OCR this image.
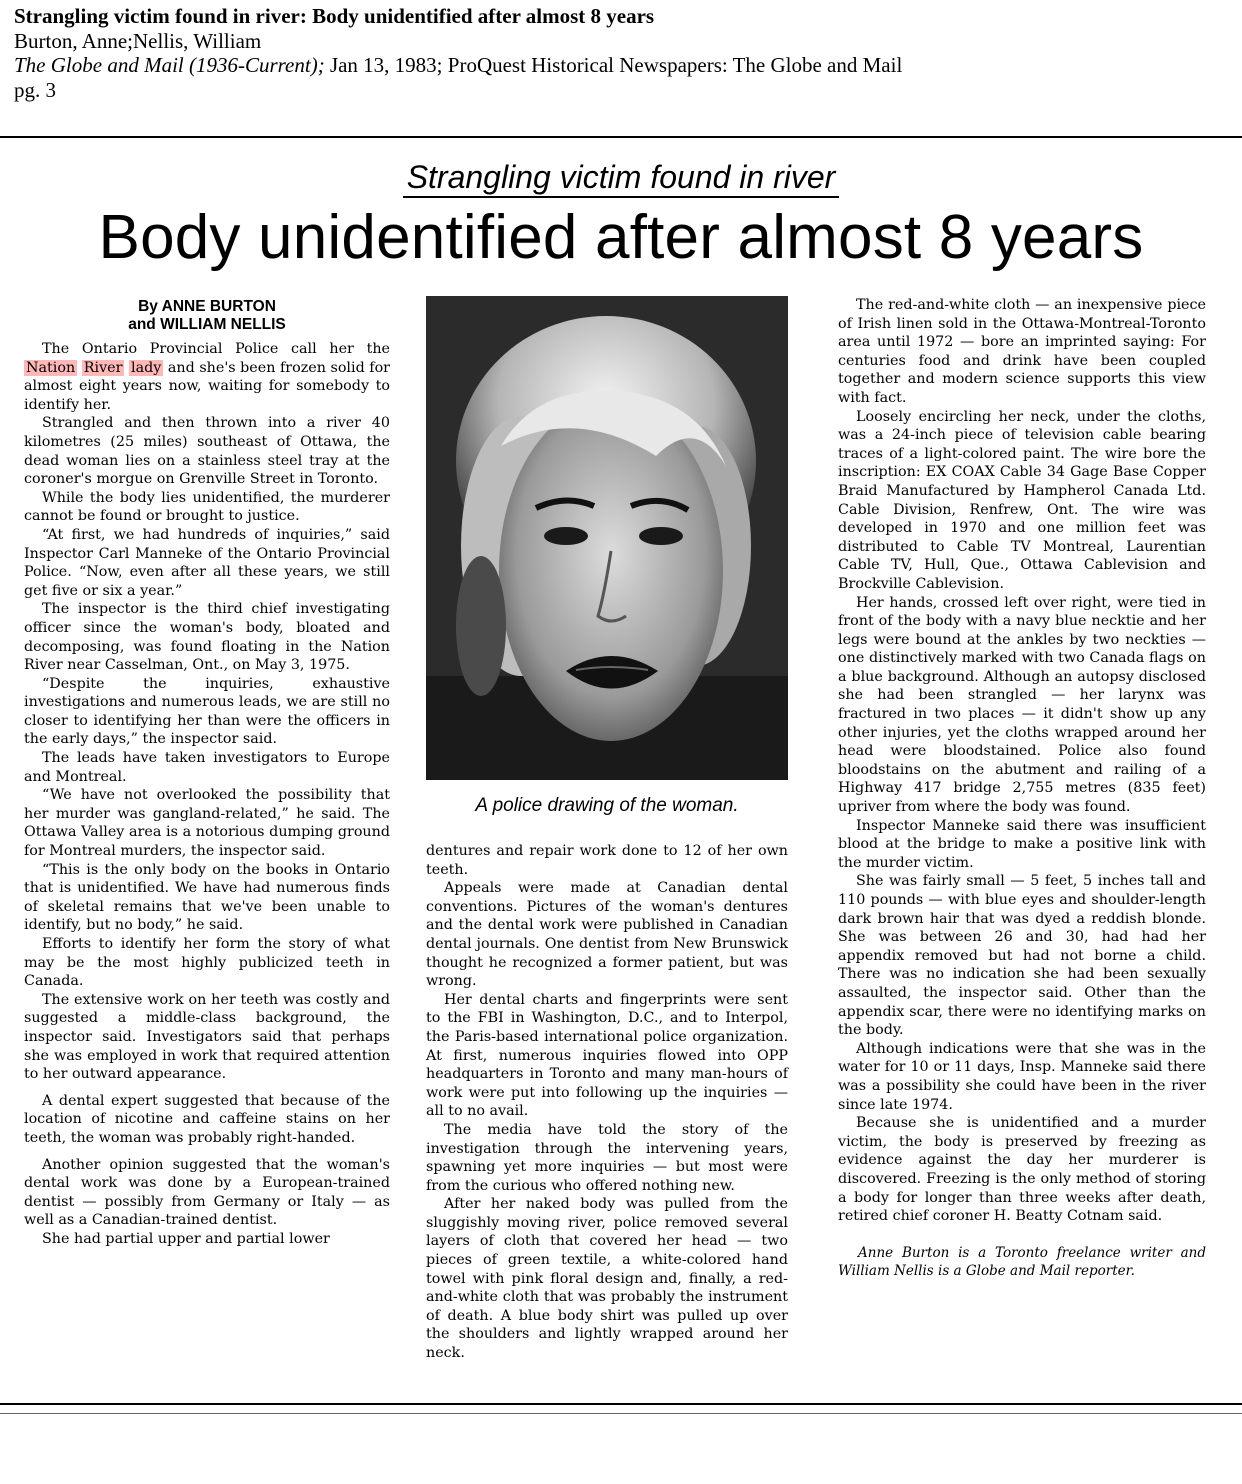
Strangling victim found in river: Body unidentified after almost 8 years
Burton, Anne;Nellis, William
The Globe and Mail (1936-Current); Jan 13, 1983; ProQuest Historical Newspapers: The Globe and Mail
pg. 3
Strangling victim found in river
Body unidentified after almost 8 years
By ANNE BURTON
and WILLIAM NELLIS

The Ontario Provincial Police call her the Nation River lady and she's been frozen solid for almost eight years now, waiting for somebody to identify her.

Strangled and then thrown into a river 40 kilometres (25 miles) southeast of Ottawa, the dead woman lies on a stainless steel tray at the coroner's morgue on Grenville Street in Toronto.

While the body lies unidentified, the murderer cannot be found or brought to justice.

“At first, we had hundreds of inquiries,” said Inspector Carl Manneke of the Ontario Provincial Police. “Now, even after all these years, we still get five or six a year.”

The inspector is the third chief investigating officer since the woman's body, bloated and decomposing, was found floating in the Nation River near Casselman, Ont., on May 3, 1975.

“Despite the inquiries, exhaustive investigations and numerous leads, we are still no closer to identifying her than were the officers in the early days,” the inspector said.

The leads have taken investigators to Europe and Montreal.

“We have not overlooked the possibility that her murder was gangland-related,” he said. The Ottawa Valley area is a notorious dumping ground for Montreal murders, the inspector said.

“This is the only body on the books in Ontario that is unidentified. We have had numerous finds of skeletal remains that we've been unable to identify, but no body,” he said.

Efforts to identify her form the story of what may be the most highly publicized teeth in Canada.

The extensive work on her teeth was costly and suggested a middle-class background, the inspector said. Investigators said that perhaps she was employed in work that required attention to her outward appearance.

A dental expert suggested that because of the location of nicotine and caffeine stains on her teeth, the woman was probably right-handed.

Another opinion suggested that the woman's dental work was done by a European-trained dentist — possibly from Germany or Italy — as well as a Canadian-trained dentist.

She had partial upper and partial lower

A police drawing of the woman.

dentures and repair work done to 12 of her own teeth.

Appeals were made at Canadian dental conventions. Pictures of the woman's dentures and the dental work were published in Canadian dental journals. One dentist from New Brunswick thought he recognized a former patient, but was wrong.

Her dental charts and fingerprints were sent to the FBI in Washington, D.C., and to Interpol, the Paris-based international police organization. At first, numerous inquiries flowed into OPP headquarters in Toronto and many man-hours of work were put into following up the inquiries — all to no avail.

The media have told the story of the investigation through the intervening years, spawning yet more inquiries — but most were from the curious who offered nothing new.

After her naked body was pulled from the sluggishly moving river, police removed several layers of cloth that covered her head — two pieces of green textile, a white-colored hand towel with pink floral design and, finally, a red-and-white cloth that was probably the instrument of death. A blue body shirt was pulled up over the shoulders and lightly wrapped around her neck.

The red-and-white cloth — an inexpensive piece of Irish linen sold in the Ottawa-Montreal-Toronto area until 1972 — bore an imprinted saying: For centuries food and drink have been coupled together and modern science supports this view with fact.

Loosely encircling her neck, under the cloths, was a 24-inch piece of television cable bearing traces of a light-colored paint. The wire bore the inscription: EX COAX Cable 34 Gage Base Copper Braid Manufactured by Hampherol Canada Ltd. Cable Division, Renfrew, Ont. The wire was developed in 1970 and one million feet was distributed to Cable TV Montreal, Laurentian Cable TV, Hull, Que., Ottawa Cablevision and Brockville Cablevision.

Her hands, crossed left over right, were tied in front of the body with a navy blue necktie and her legs were bound at the ankles by two neckties — one distinctively marked with two Canada flags on a blue background. Although an autopsy disclosed she had been strangled — her larynx was fractured in two places — it didn't show up any other injuries, yet the cloths wrapped around her head were bloodstained. Police also found bloodstains on the abutment and railing of a Highway 417 bridge 2,755 metres (835 feet) upriver from where the body was found.

Inspector Manneke said there was insufficient blood at the bridge to make a positive link with the murder victim.

She was fairly small — 5 feet, 5 inches tall and 110 pounds — with blue eyes and shoulder-length dark brown hair that was dyed a reddish blonde. She was between 26 and 30, had had her appendix removed but had not borne a child. There was no indication she had been sexually assaulted, the inspector said. Other than the appendix scar, there were no identifying marks on the body.

Although indications were that she was in the water for 10 or 11 days, Insp. Manneke said there was a possibility she could have been in the river since late 1974.

Because she is unidentified and a murder victim, the body is preserved by freezing as evidence against the day her murderer is discovered. Freezing is the only method of storing a body for longer than three weeks after death, retired chief coroner H. Beatty Cotnam said.

Anne Burton is a Toronto freelance writer and William Nellis is a Globe and Mail reporter.
